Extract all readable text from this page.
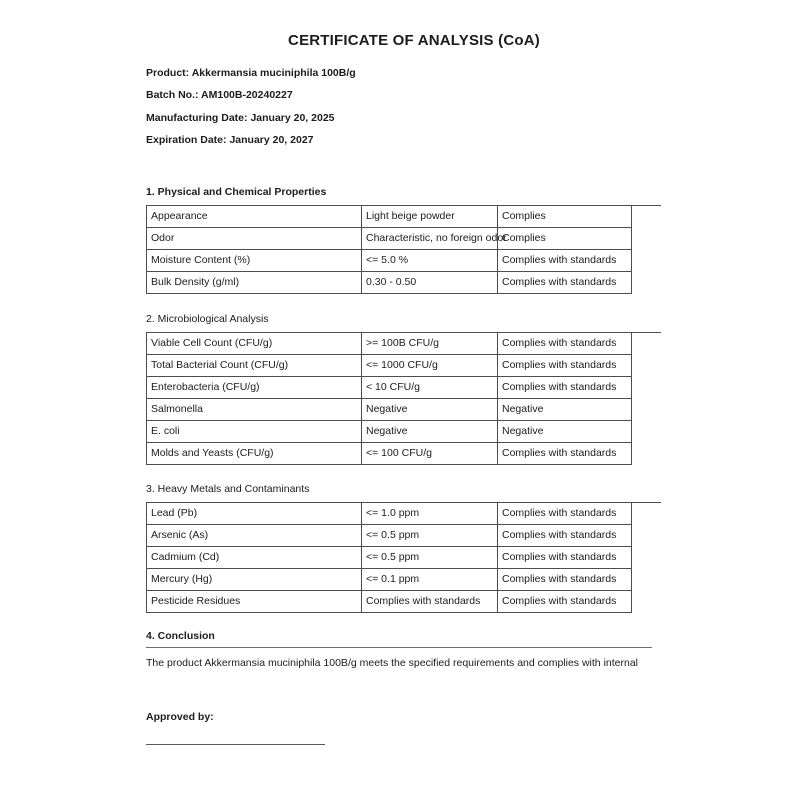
CERTIFICATE OF ANALYSIS (CoA)
Product: Akkermansia muciniphila 100B/g
Batch No.: AM100B-20240227
Manufacturing Date: January 20, 2025
Expiration Date: January 20, 2027
1. Physical and Chemical Properties
Appearance	Light beige powder	Complies
Odor	Characteristic, no foreign odor	Complies
Moisture Content (%)	<= 5.0 %	Complies with standards
Bulk Density (g/ml)	0.30 - 0.50	Complies with standards
2. Microbiological Analysis
Viable Cell Count (CFU/g)	>= 100B CFU/g	Complies with standards
Total Bacterial Count (CFU/g)	<= 1000 CFU/g	Complies with standards
Enterobacteria (CFU/g)	< 10 CFU/g	Complies with standards
Salmonella	Negative	Negative
E. coli	Negative	Negative
Molds and Yeasts (CFU/g)	<= 100 CFU/g	Complies with standards
3. Heavy Metals and Contaminants
Lead (Pb)	<= 1.0 ppm	Complies with standards
Arsenic (As)	<= 0.5 ppm	Complies with standards
Cadmium (Cd)	<= 0.5 ppm	Complies with standards
Mercury (Hg)	<= 0.1 ppm	Complies with standards
Pesticide Residues	Complies with standards	Complies with standards
4. Conclusion
The product Akkermansia muciniphila 100B/g meets the specified requirements and complies with internal
Approved by:
